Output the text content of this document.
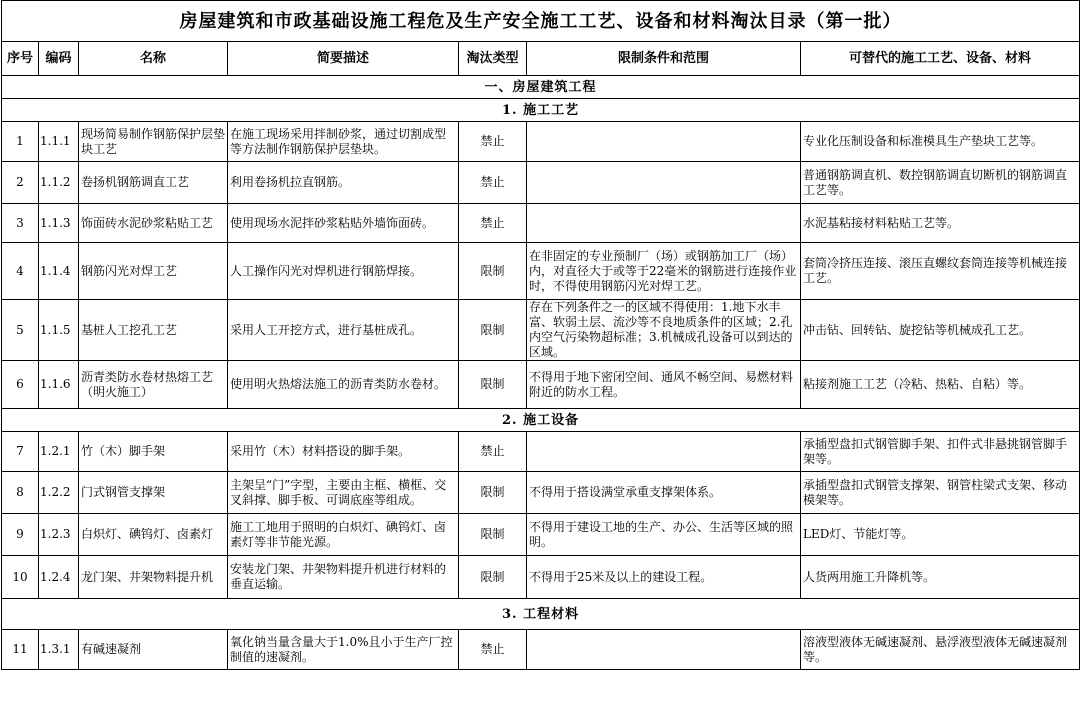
房屋建筑和市政基础设施工程危及生产安全施工工艺、设备和材料淘汰目录（第一批）						
序号	编码	名称	简要描述	淘汰类型	限制条件和范围	可替代的施工工艺、设备、材料
一、房屋建筑工程						
1. 施工工艺						
1	1.1.1	现场简易制作钢筋保护层垫块工艺	在施工现场采用拌制砂浆，通过切割成型等方法制作钢筋保护层垫块。	禁止		专业化压制设备和标准模具生产垫块工艺等。
2	1.1.2	卷扬机钢筋调直工艺	利用卷扬机拉直钢筋。	禁止		普通钢筋调直机、数控钢筋调直切断机的钢筋调直工艺等。
3	1.1.3	饰面砖水泥砂浆粘贴工艺	使用现场水泥拌砂浆粘贴外墙饰面砖。	禁止		水泥基粘接材料粘贴工艺等。
4	1.1.4	钢筋闪光对焊工艺	人工操作闪光对焊机进行钢筋焊接。	限制	在非固定的专业预制厂（场）或钢筋加工厂（场）内，对直径大于或等于22毫米的钢筋进行连接作业时，不得使用钢筋闪光对焊工艺。	套筒冷挤压连接、滚压直螺纹套筒连接等机械连接工艺。
5	1.1.5	基桩人工挖孔工艺	采用人工开挖方式，进行基桩成孔。	限制	存在下列条件之一的区域不得使用：1.地下水丰富、软弱土层、流沙等不良地质条件的区域；2.孔内空气污染物超标准；3.机械成孔设备可以到达的区域。	冲击钻、回转钻、旋挖钻等机械成孔工艺。
6	1.1.6	沥青类防水卷材热熔工艺（明火施工）	使用明火热熔法施工的沥青类防水卷材。	限制	不得用于地下密闭空间、通风不畅空间、易燃材料附近的防水工程。	粘接剂施工工艺（冷粘、热粘、自粘）等。
2. 施工设备						
7	1.2.1	竹（木）脚手架	采用竹（木）材料搭设的脚手架。	禁止		承插型盘扣式钢管脚手架、扣件式非悬挑钢管脚手架等。
8	1.2.2	门式钢管支撑架	主架呈“门”字型，主要由主框、横框、交叉斜撑、脚手板、可调底座等组成。	限制	不得用于搭设满堂承重支撑架体系。	承插型盘扣式钢管支撑架、钢管柱梁式支架、移动模架等。
9	1.2.3	白炽灯、碘钨灯、卤素灯	施工工地用于照明的白炽灯、碘钨灯、卤素灯等非节能光源。	限制	不得用于建设工地的生产、办公、生活等区域的照明。	LED灯、节能灯等。
10	1.2.4	龙门架、井架物料提升机	安装龙门架、井架物料提升机进行材料的垂直运输。	限制	不得用于25米及以上的建设工程。	人货两用施工升降机等。
3. 工程材料						
11	1.3.1	有碱速凝剂	氧化钠当量含量大于1.0%且小于生产厂控制值的速凝剂。	禁止		溶液型液体无碱速凝剂、悬浮液型液体无碱速凝剂等。
